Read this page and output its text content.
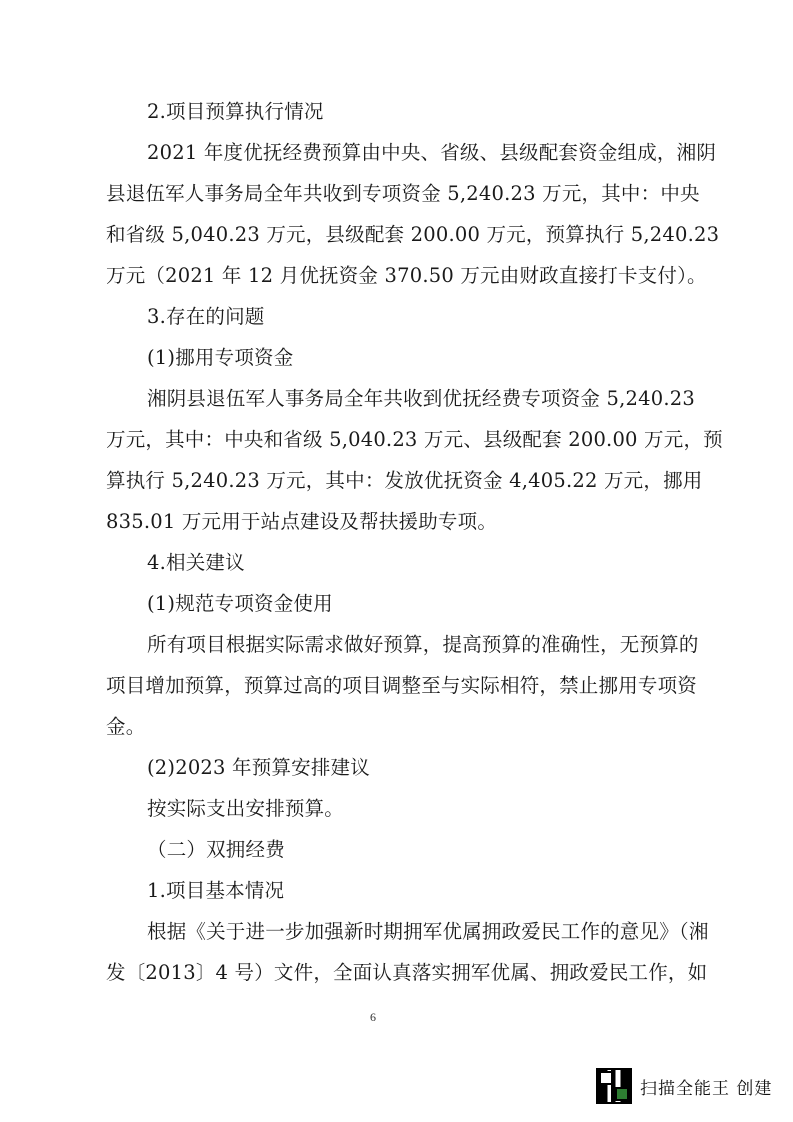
2.项目预算执行情况
2021 年度优抚经费预算由中央、省级、县级配套资金组成，湘阴
县退伍军人事务局全年共收到专项资金 5,240.23 万元，其中：中央
和省级 5,040.23 万元，县级配套 200.00 万元，预算执行 5,240.23
万元（2021 年 12 月优抚资金 370.50 万元由财政直接打卡支付）。
3.存在的问题
(1)挪用专项资金
湘阴县退伍军人事务局全年共收到优抚经费专项资金 5,240.23
万元，其中：中央和省级 5,040.23 万元、县级配套 200.00 万元，预
算执行 5,240.23 万元，其中：发放优抚资金 4,405.22 万元，挪用
835.01 万元用于站点建设及帮扶援助专项。
4.相关建议
(1)规范专项资金使用
所有项目根据实际需求做好预算，提高预算的准确性，无预算的
项目增加预算，预算过高的项目调整至与实际相符，禁止挪用专项资
金。
(2)2023 年预算安排建议
按实际支出安排预算。
（二）双拥经费
1.项目基本情况
根据《关于进一步加强新时期拥军优属拥政爱民工作的意见》（湘
发〔2013〕4 号）文件，全面认真落实拥军优属、拥政爱民工作，如
6
扫描全能王 创建
